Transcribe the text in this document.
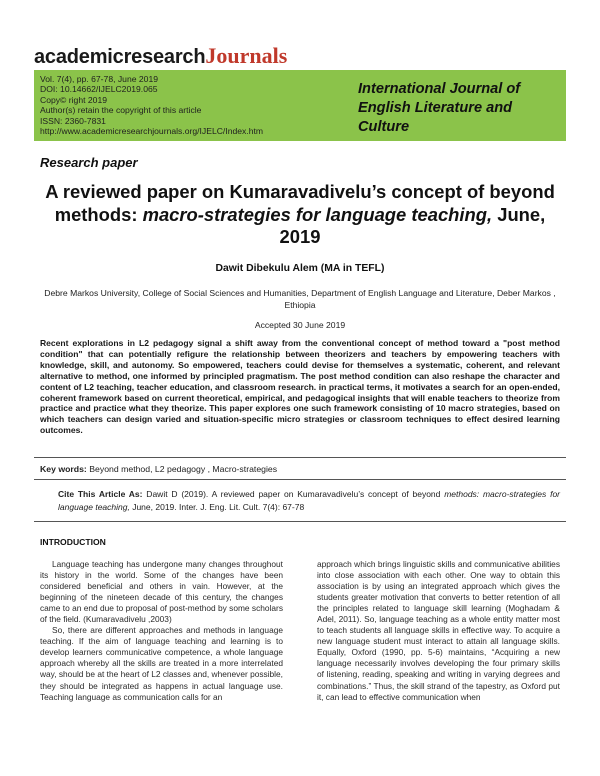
academicresearchJournals
Vol. 7(4), pp. 67-78, June 2019
DOI: 10.14662/IJELC2019.065
Copy© right 2019
Author(s) retain the copyright of this article
ISSN: 2360-7831
http://www.academicresearchjournals.org/IJELC/Index.htm
International Journal of English Literature and Culture
Research paper
A reviewed paper on Kumaravadivelu’s concept of beyond methods: macro-strategies for language teaching, June, 2019
Dawit Dibekulu Alem (MA in TEFL)
Debre Markos University, College of Social Sciences and Humanities, Department of English Language and Literature, Deber Markos , Ethiopia
Accepted 30 June 2019
Recent explorations in L2 pedagogy signal a shift away from the conventional concept of method toward a "post method condition" that can potentially refigure the relationship between theorizers and teachers by empowering teachers with knowledge, skill, and autonomy. So empowered, teachers could devise for themselves a systematic, coherent, and relevant alternative to method, one informed by principled pragmatism. The post method condition can also reshape the character and content of L2 teaching, teacher education, and classroom research. in practical terms, it motivates a search for an open-ended, coherent framework based on current theoretical, empirical, and pedagogical insights that will enable teachers to theorize from practice and practice what they theorize. This paper explores one such framework consisting of 10 macro strategies, based on which teachers can design varied and situation-specific micro strategies or classroom techniques to effect desired learning outcomes.
Key words: Beyond method, L2 pedagogy , Macro-strategies
Cite This Article As: Dawit D (2019). A reviewed paper on Kumaravadivelu’s concept of beyond methods: macro-strategies for language teaching, June, 2019. Inter. J. Eng. Lit. Cult. 7(4): 67-78
INTRODUCTION

Language teaching has undergone many changes throughout its history in the world. Some of the changes have been considered beneficial and others in vain. However, at the beginning of the nineteen decade of this century, the changes came to an end due to proposal of post-method by some scholars of the field. (Kumaravadivelu ,2003)

So, there are different approaches and methods in language teaching. If the aim of language teaching and learning is to develop learners communicative competence, a whole language approach whereby all the skills are treated in a more interrelated way, should be at the heart of L2 classes and, whenever possible, they should be integrated as happens in actual language use. Teaching language as communication calls for an

approach which brings linguistic skills and communicative abilities into close association with each other. One way to obtain this association is by using an integrated approach which gives the students greater motivation that converts to better retention of all the principles related to language skill learning (Moghadam & Adel, 2011). So, language teaching as a whole entity matter most to teach students all language skills in effective way. To acquire a new language student must interact to attain all language skills. Equally, Oxford (1990, pp. 5-6) maintains, “Acquiring a new language necessarily involves developing the four primary skills of listening, reading, speaking and writing in varying degrees and combinations.” Thus, the skill strand of the tapestry, as Oxford put it, can lead to effective communication when
